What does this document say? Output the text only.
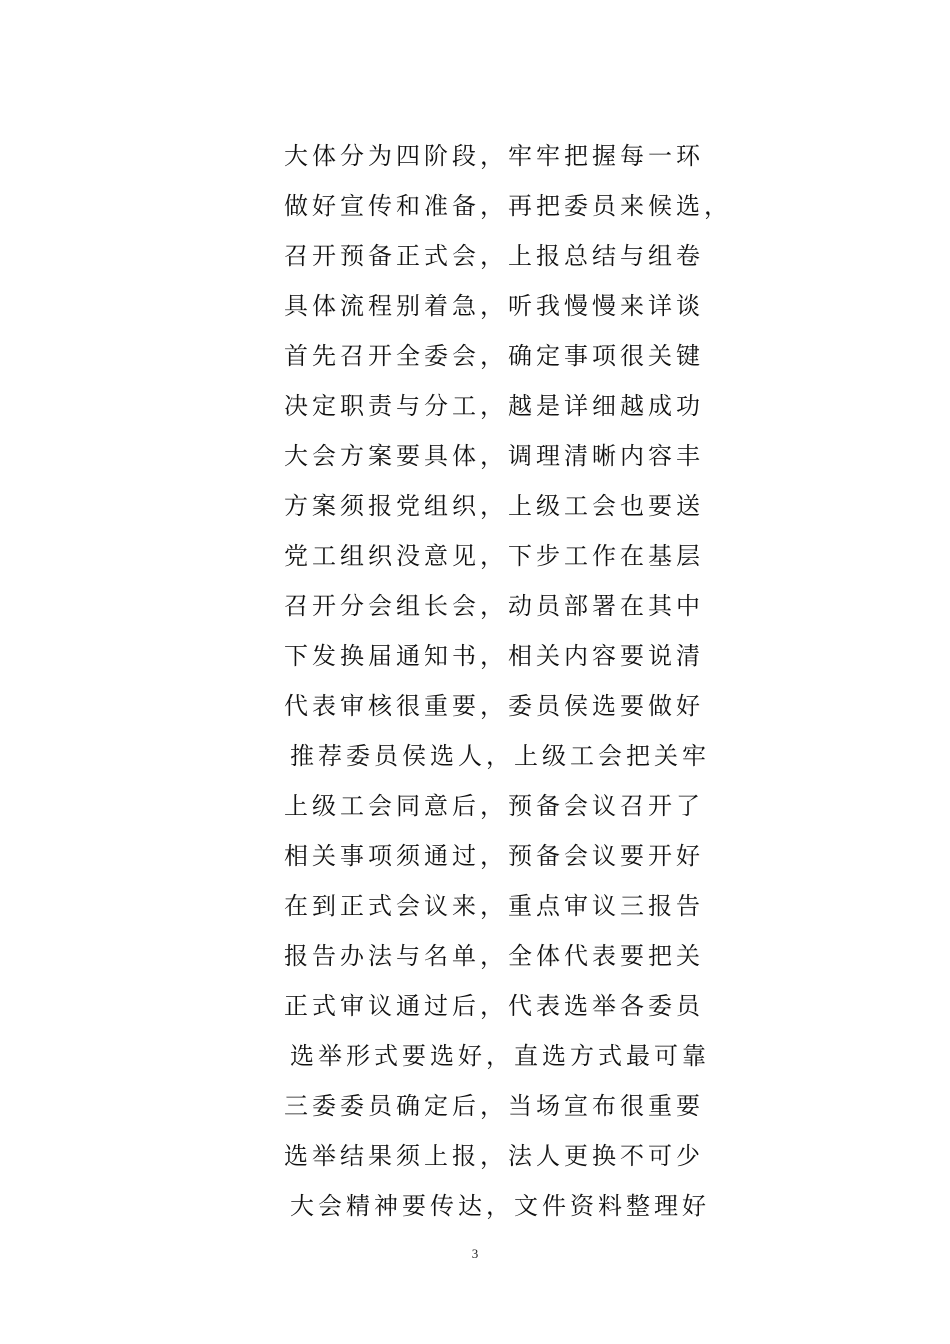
大体分为四阶段，牢牢把握每一环
做好宣传和准备，再把委员来候选，
召开预备正式会，上报总结与组卷
具体流程别着急，听我慢慢来详谈
首先召开全委会，确定事项很关键
决定职责与分工，越是详细越成功
大会方案要具体，调理清晰内容丰
方案须报党组织，上级工会也要送
党工组织没意见，下步工作在基层
召开分会组长会，动员部署在其中
下发换届通知书，相关内容要说清
代表审核很重要，委员侯选要做好
推荐委员侯选人，上级工会把关牢
上级工会同意后，预备会议召开了
相关事项须通过，预备会议要开好
在到正式会议来，重点审议三报告
报告办法与名单，全体代表要把关
正式审议通过后，代表选举各委员
选举形式要选好，直选方式最可靠
三委委员确定后，当场宣布很重要
选举结果须上报，法人更换不可少
大会精神要传达，文件资料整理好
3
